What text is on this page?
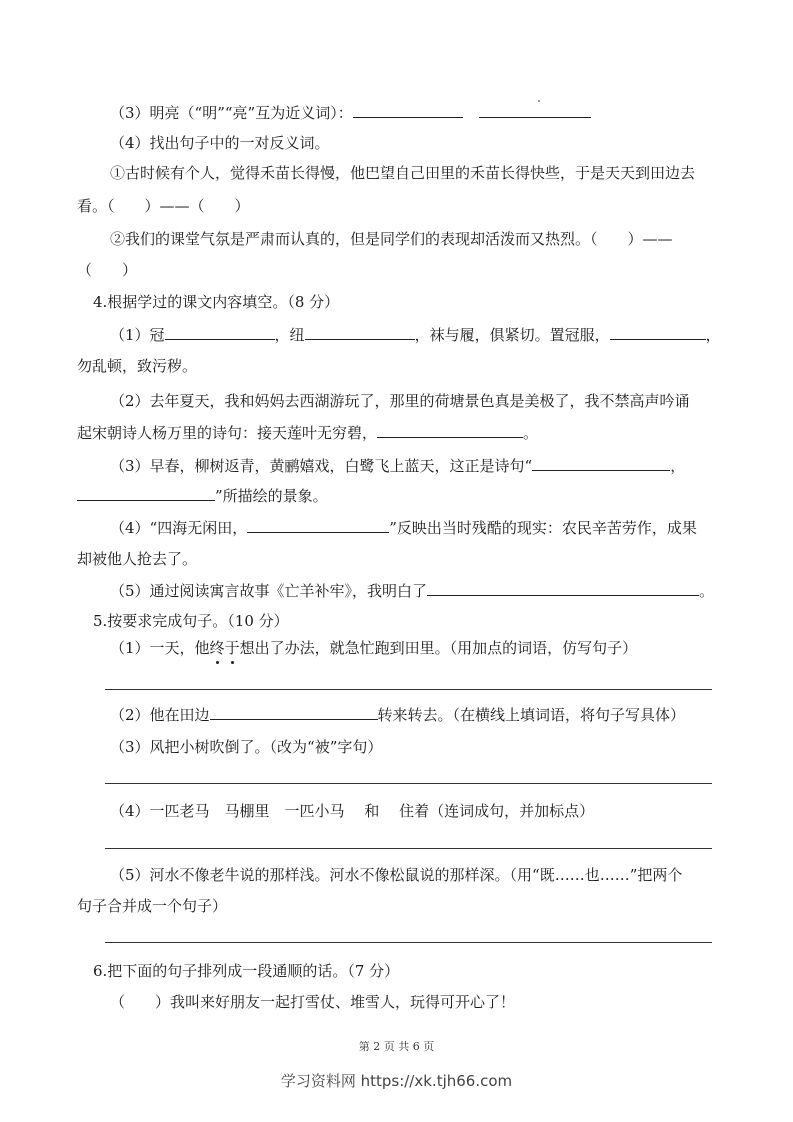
（3）明亮（“明”“亮”互为近义词）：
（4）找出句子中的一对反义词。
①古时候有个人，觉得禾苗长得慢，他巴望自己田里的禾苗长得快些，于是天天到田边去
看。（　　）——（　　）
②我们的课堂气氛是严肃而认真的，但是同学们的表现却活泼而又热烈。（　　）——
（　　）
4.根据学过的课文内容填空。（8 分）
（1）冠	，纽	，袜与履，俱紧切。置冠服，	，
勿乱顿，致污秽。
（2）去年夏天，我和妈妈去西湖游玩了，那里的荷塘景色真是美极了，我不禁高声吟诵
起宋朝诗人杨万里的诗句：接天莲叶无穷碧，	。
（3）早春，柳树返青，黄鹂嬉戏，白鹭飞上蓝天，这正是诗句“	，
”所描绘的景象。
（4）“四海无闲田，	”反映出当时残酷的现实：农民辛苦劳作，成果
却被他人抢去了。
（5）通过阅读寓言故事《亡羊补牢》，我明白了	。
5.按要求完成句子。（10 分）
（1）一天，他终于想出了办法，就急忙跑到田里。（用加点的词语，仿写句子）
（2）他在田边	转来转去。（在横线上填词语，将句子写具体）
（3）风把小树吹倒了。（改为“被”字句）
（4）一匹老马　马棚里　一匹小马　 和　 住着（连词成句，并加标点）
（5）河水不像老牛说的那样浅。河水不像松鼠说的那样深。（用“既……也……”把两个
句子合并成一个句子）
6.把下面的句子排列成一段通顺的话。（7 分）
（　　）我叫来好朋友一起打雪仗、堆雪人，玩得可开心了！
第 2 页 共 6 页
学习资料网 https://xk.tjh66.com
